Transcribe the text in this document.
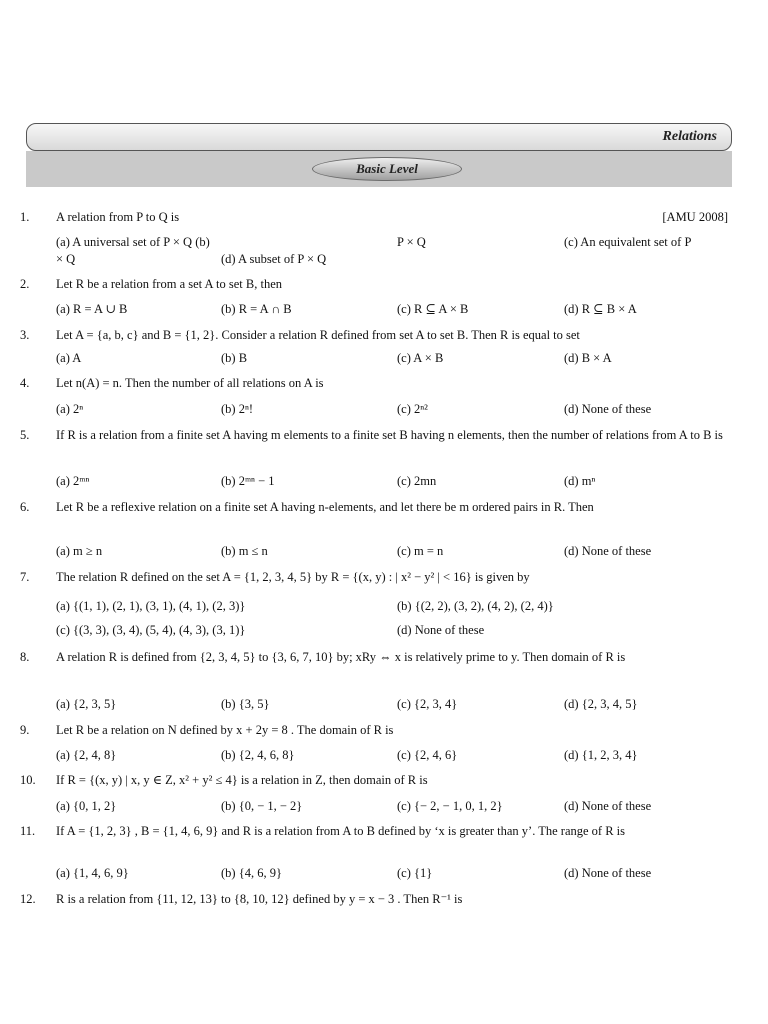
Relations
Basic Level
1. A relation from P to Q is	[AMU 2008]
(a) A universal set of P × Q (b)	P × Q	(c) An equivalent set of P
× Q	(d) A subset of P × Q
2. Let R be a relation from a set A to set B, then
(a) R = A ∪ B	(b) R = A ∩ B	(c) R ⊆ A × B	(d) R ⊆ B × A
3. Let A = {a, b, c} and B = {1, 2}. Consider a relation R defined from set A to set B. Then R is equal to set
(a) A	(b) B	(c) A × B	(d) B × A
4. Let n(A) = n. Then the number of all relations on A is
(a) 2ⁿ	(b) 2ⁿ!	(c) 2ⁿ²	(d) None of these
5. If R is a relation from a finite set A having m elements to a finite set B having n elements, then the number of relations from A to B is
(a) 2ᵐⁿ	(b) 2ᵐⁿ − 1	(c) 2mn	(d) mⁿ
6. Let R be a reflexive relation on a finite set A having n-elements, and let there be m ordered pairs in R. Then
(a) m ≥ n	(b) m ≤ n	(c) m = n	(d) None of these
7. The relation R defined on the set A = {1, 2, 3, 4, 5} by R = {(x, y) : | x² − y² | < 16} is given by
(a) {(1, 1), (2, 1), (3, 1), (4, 1), (2, 3)}	(b) {(2, 2), (3, 2), (4, 2), (2, 4)}
(c) {(3, 3), (3, 4), (5, 4), (4, 3), (3, 1)}	(d) None of these
8. A relation R is defined from {2, 3, 4, 5} to {3, 6, 7, 10} by; xRy ⇔ x is relatively prime to y. Then domain of R is
(a) {2, 3, 5}	(b) {3, 5}	(c) {2, 3, 4}	(d) {2, 3, 4, 5}
9. Let R be a relation on N defined by x + 2y = 8 . The domain of R is
(a) {2, 4, 8}	(b) {2, 4, 6, 8}	(c) {2, 4, 6}	(d) {1, 2, 3, 4}
10. If R = {(x, y) | x, y ∈ Z, x² + y² ≤ 4} is a relation in Z, then domain of R is
(a) {0, 1, 2}	(b) {0, − 1, − 2}	(c) {− 2, − 1, 0, 1, 2}	(d) None of these
11. If A = {1, 2, 3} , B = {1, 4, 6, 9} and R is a relation from A to B defined by ‘x is greater than y’. The range of R is
(a) {1, 4, 6, 9}	(b) {4, 6, 9}	(c) {1}	(d) None of these
12. R is a relation from {11, 12, 13} to {8, 10, 12} defined by y = x − 3 . Then R⁻¹ is
